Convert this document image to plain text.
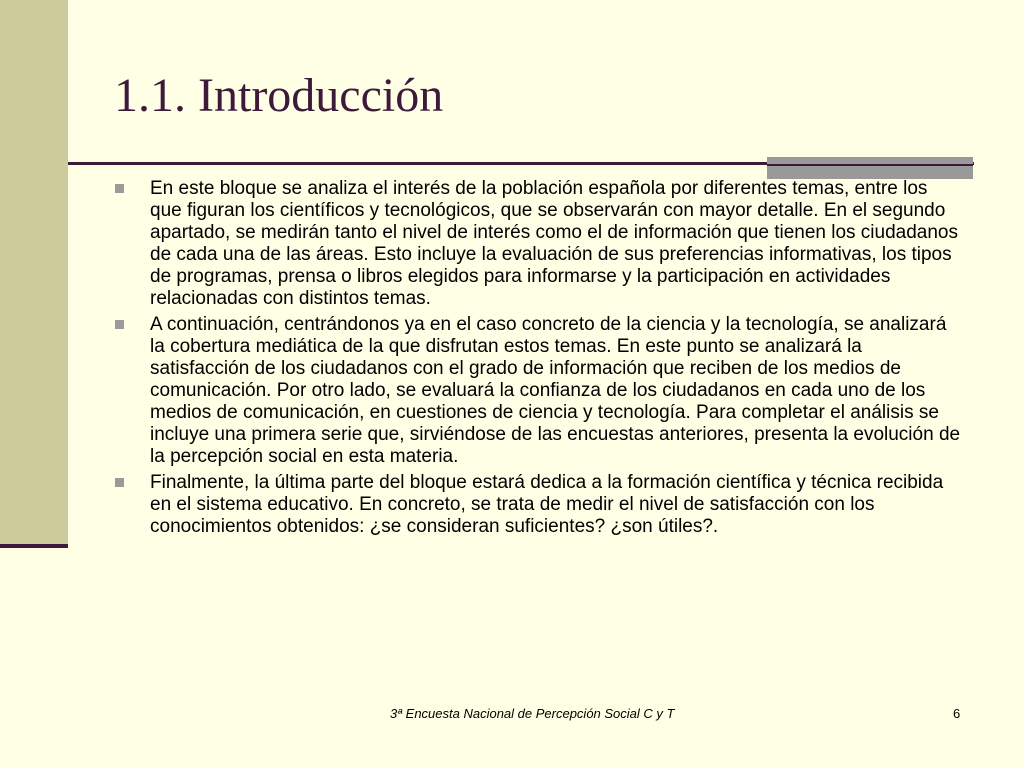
1.1. Introducción
En este bloque se analiza el interés de la población española por diferentes temas, entre los que figuran los científicos y tecnológicos, que se observarán con mayor detalle. En el segundo apartado, se medirán tanto el nivel de interés como el de información que tienen los ciudadanos de cada una de las áreas. Esto incluye la evaluación de sus preferencias informativas, los tipos de programas, prensa o libros elegidos para informarse y la participación en actividades relacionadas con distintos temas.
A continuación, centrándonos ya en el caso concreto de la ciencia y la tecnología, se analizará la cobertura mediática de la que disfrutan estos temas. En este punto se analizará la satisfacción de los ciudadanos con el grado de información que reciben de los medios de comunicación. Por otro lado, se evaluará la confianza de los ciudadanos en cada uno de los medios de comunicación, en cuestiones de ciencia y tecnología. Para completar el análisis se incluye una primera serie que, sirviéndose de las encuestas anteriores, presenta la evolución de la percepción social en esta materia.
Finalmente, la última parte del bloque estará dedica a la formación científica y técnica recibida en el sistema educativo. En concreto, se trata de medir el nivel de satisfacción con los conocimientos obtenidos: ¿se consideran suficientes? ¿son útiles?.
3ª Encuesta Nacional de Percepción Social C y T	6
